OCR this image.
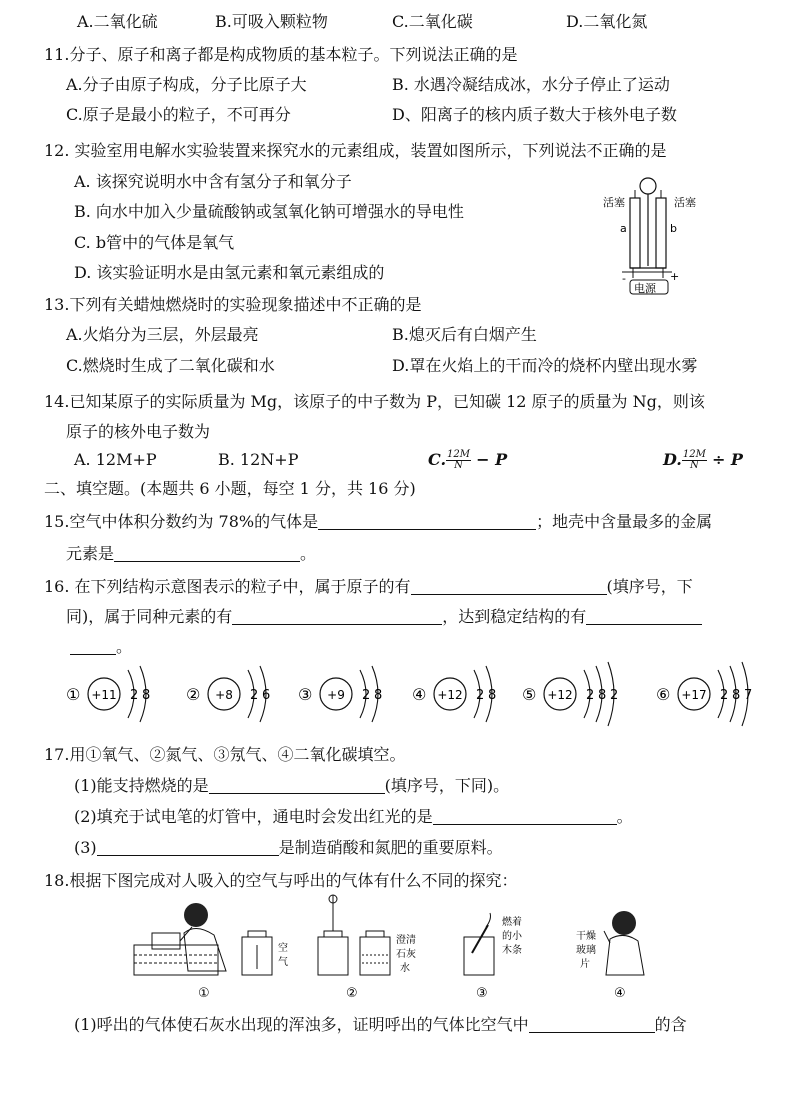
A.二氧化硫	B.可吸入颗粒物	C.二氧化碳	D.二氧化氮
11.分子、原子和离子都是构成物质的基本粒子。下列说法正确的是
A.分子由原子构成，分子比原子大	B. 水遇冷凝结成冰，水分子停止了运动
C.原子是最小的粒子，不可再分	D、阳离子的核内质子数大于核外电子数
12. 实验室用电解水实验装置来探究水的元素组成，装置如图所示，下列说法不正确的是
A. 该探究说明水中含有氢分子和氧分子
B. 向水中加入少量硫酸钠或氢氧化钠可增强水的导电性
C. b管中的气体是氧气
D. 该实验证明水是由氢元素和氧元素组成的
活塞	活塞
a	b
-	+
电源
13.下列有关蜡烛燃烧时的实验现象描述中不正确的是
A.火焰分为三层，外层最亮	B.熄灭后有白烟产生
C.燃烧时生成了二氧化碳和水	D.罩在火焰上的干而冷的烧杯内壁出现水雾
14.已知某原子的实际质量为 Mg，该原子的中子数为 P，已知碳 12 原子的质量为 Ng，则该
原子的核外电子数为
A. 12M+P	B. 12N+P	C. $\frac{12M}{N} - P$	D. $\frac{12M}{N} \div P$
二、填空题。(本题共 6 小题，每空 1 分，共 16 分)
15.空气中体积分数约为 78%的气体是	；地壳中含量最多的金属
元素是	。
16. 在下列结构示意图表示的粒子中，属于原子的有	(填序号，下
同)，属于同种元素的有	，达到稳定结构的有
。
① +11 2 8 ② +8 2 6 ③ +9 2 8 ④ +12 2 8 ⑤ +12 2 8 2 ⑥ +17 2 8 7
17.用①氧气、②氮气、③氖气、④二氧化碳填空。
(1)能支持燃烧的是	(填序号，下同)。
(2)填充于试电笔的灯管中，通电时会发出红光的是	。
(3)	是制造硝酸和氮肥的重要原料。
18.根据下图完成对人吸入的空气与呼出的气体有什么不同的探究：
空
气
澄清
石灰
水
燃着
的小
木条
干燥
玻璃
片
①	②	③	④
(1)呼出的气体使石灰水出现的浑浊多，证明呼出的气体比空气中	的含
